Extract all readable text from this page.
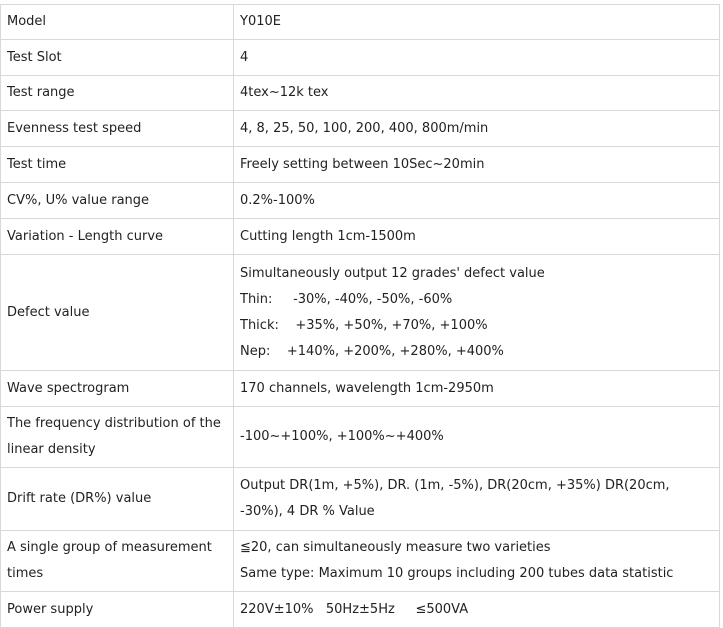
Model	Y010E

Test Slot	4

Test range	4tex~12k tex

Evenness test speed	4, 8, 25, 50, 100, 200, 400, 800m/min

Test time	Freely setting between 10Sec~20min

CV%, U% value range	0.2%-100%

Variation - Length curve	Cutting length 1cm-1500m

Defect value	Simultaneously output 12 grades' defect value
Thin:     -30%, -40%, -50%, -60%
Thick:    +35%, +50%, +70%, +100%
Nep:    +140%, +200%, +280%, +400%

Wave spectrogram	170 channels, wavelength 1cm-2950m

The frequency distribution of the linear density	-100~+100%, +100%~+400%

Drift rate (DR%) value	Output DR(1m, +5%), DR. (1m, -5%), DR(20cm, +35%) DR(20cm, -30%), 4 DR % Value

A single group of measurement times	≦20, can simultaneously measure two varieties
Same type: Maximum 10 groups including 200 tubes data statistic

Power supply	220V±10%   50Hz±5Hz     ≤500VA
